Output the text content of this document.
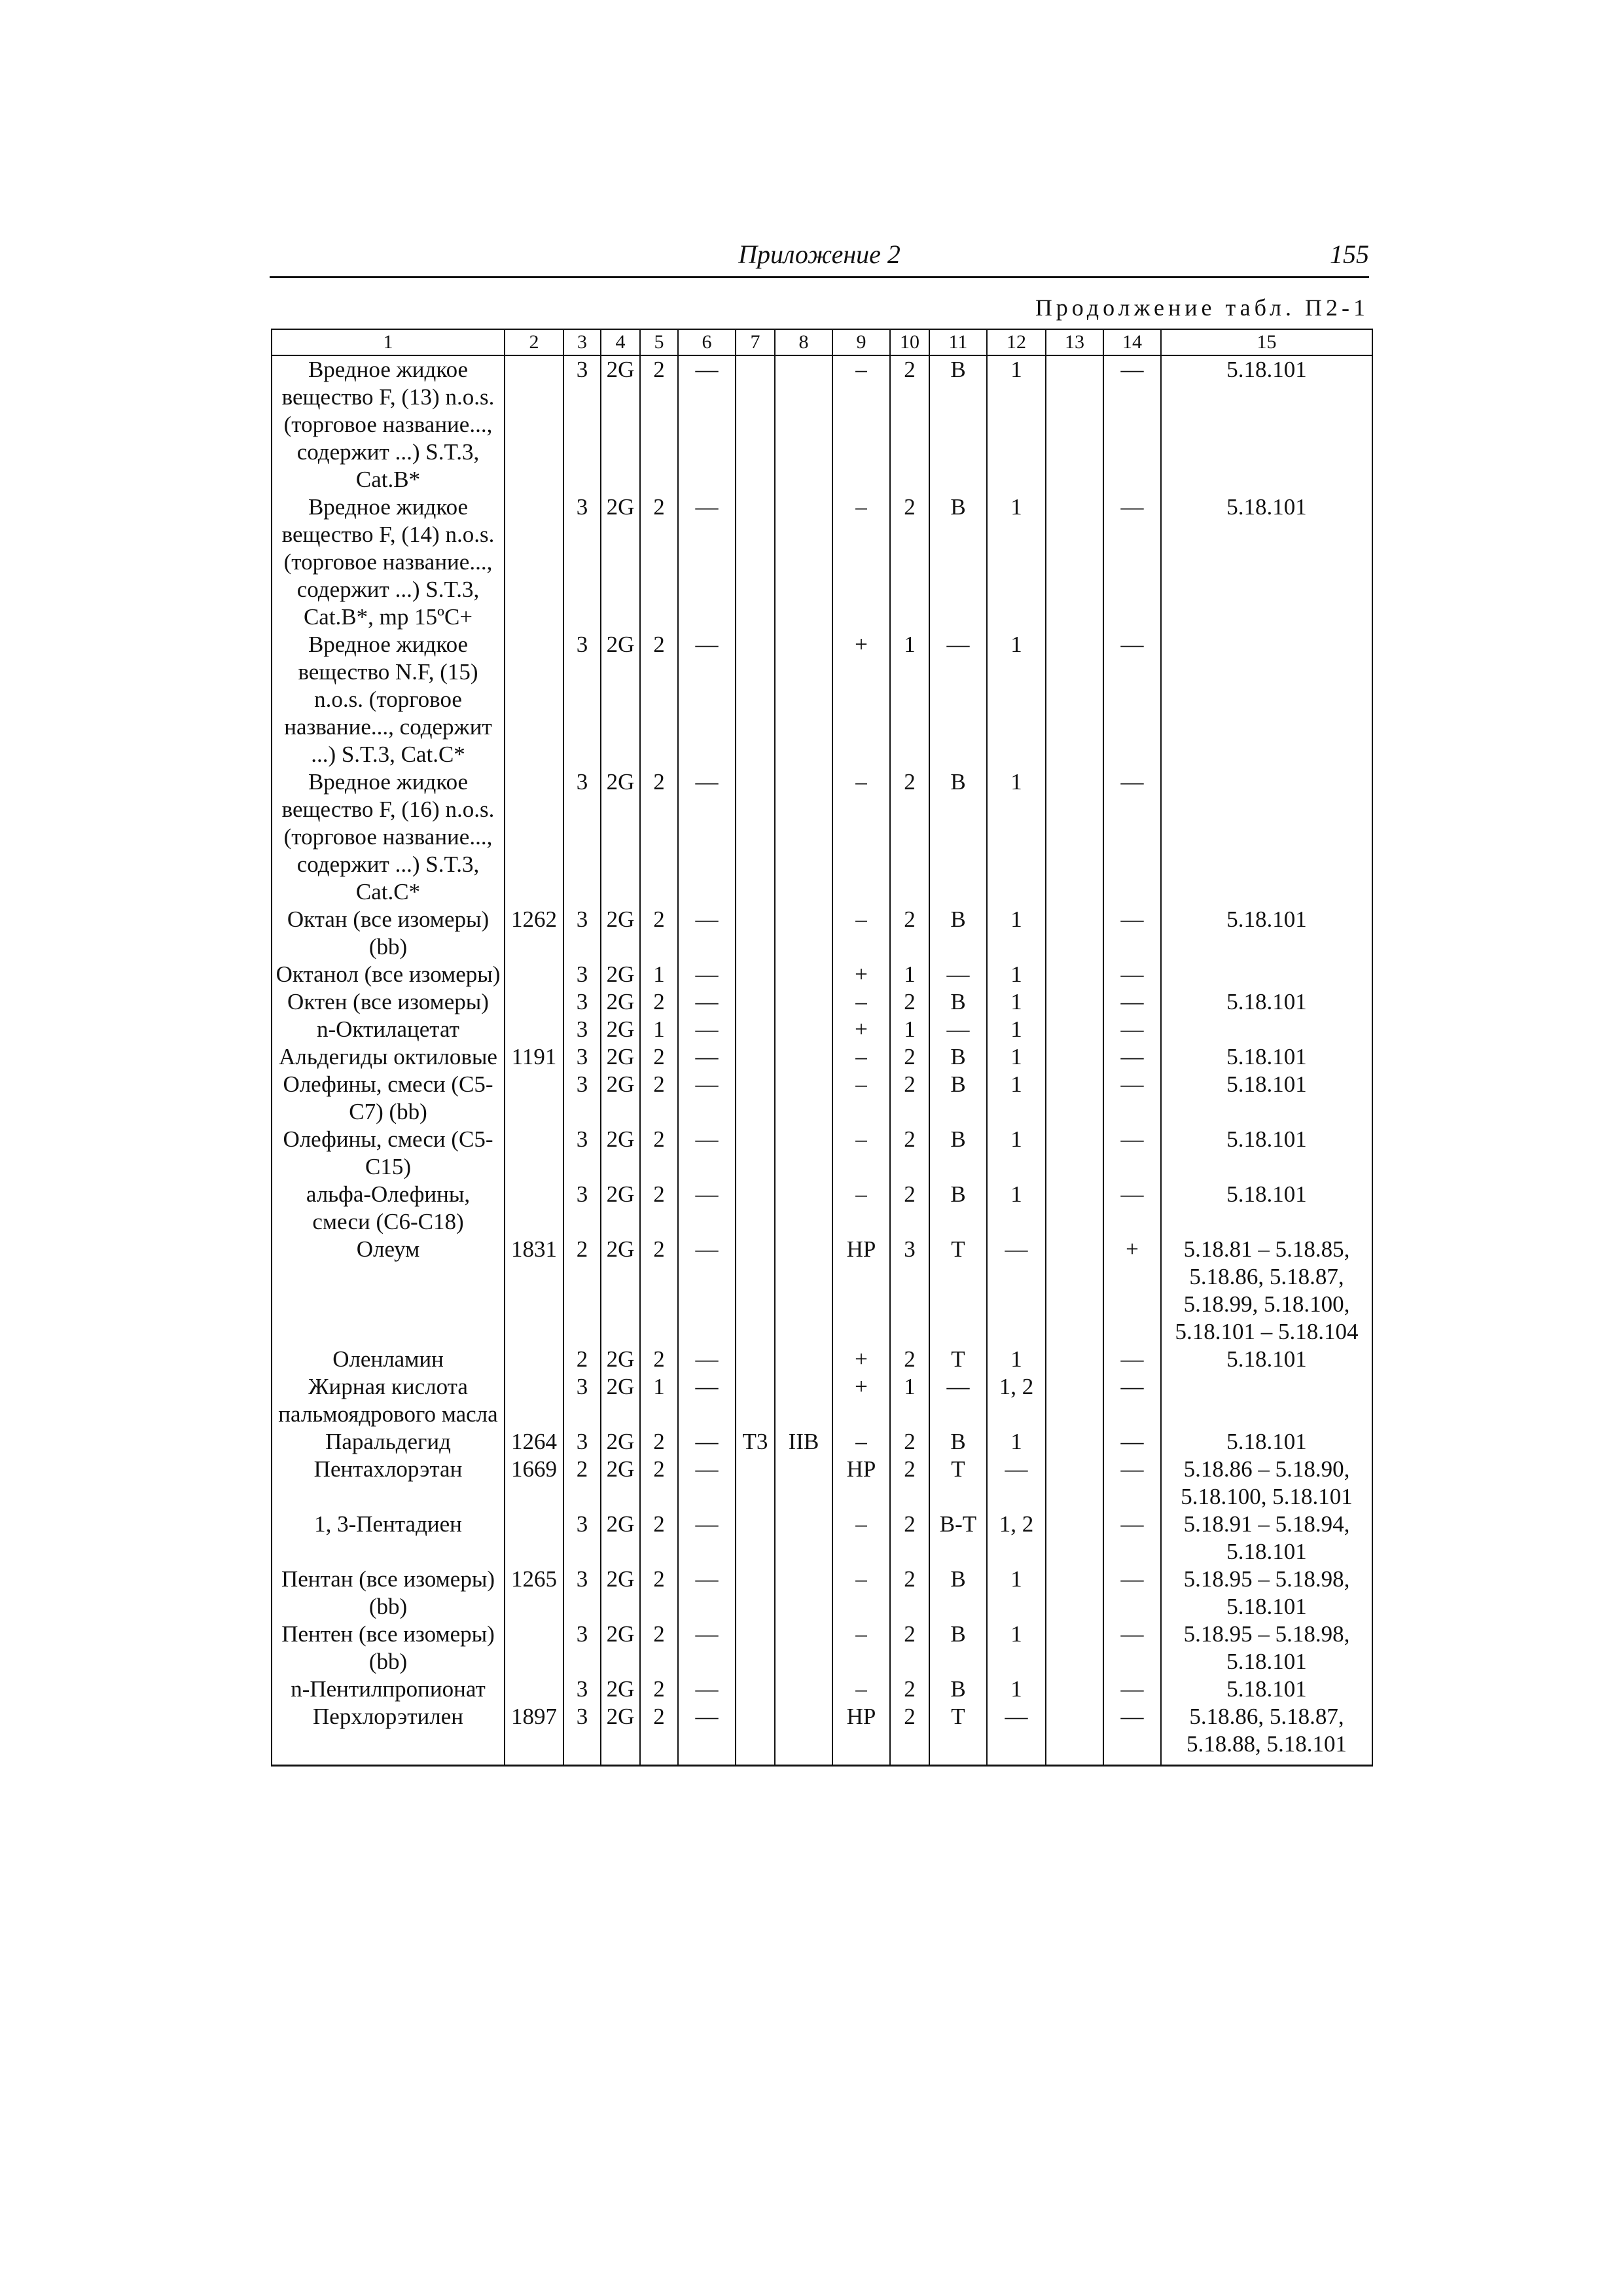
Приложение 2	155
Продолжение табл. П2-1
1	2	3	4	5	6	7	8	9	10	11	12	13	14	15
Вредное жидкое вещество F, (13) n.o.s. (торговое название..., содержит ...) S.T.3, Cat.B*		3	2G	2	—			–	2	B	1		—	5.18.101
Вредное жидкое вещество F, (14) n.o.s. (торговое название..., содержит ...) S.T.3, Cat.B*, mp 15ºC+		3	2G	2	—			–	2	B	1		—	5.18.101
Вредное жидкое вещество N.F, (15) n.o.s. (торговое название..., содержит ...) S.T.3, Cat.C*		3	2G	2	—			+	1	—	1		—	
Вредное жидкое вещество F, (16) n.o.s. (торговое название..., содержит ...) S.T.3, Cat.C*		3	2G	2	—			–	2	B	1		—	
Октан (все изомеры) (bb)	1262	3	2G	2	—			–	2	B	1		—	5.18.101
Октанол (все изомеры)		3	2G	1	—			+	1	—	1		—	
Октен (все изомеры)		3	2G	2	—			–	2	B	1		—	5.18.101
n-Октилацетат		3	2G	1	—			+	1	—	1		—	
Альдегиды октиловые	1191	3	2G	2	—			–	2	B	1		—	5.18.101
Олефины, смеси (C5-C7) (bb)		3	2G	2	—			–	2	B	1		—	5.18.101
Олефины, смеси (C5-C15)		3	2G	2	—			–	2	B	1		—	5.18.101
альфа-Олефины, смеси (C6-C18)		3	2G	2	—			–	2	B	1		—	5.18.101
Олеум	1831	2	2G	2	—			НР	3	T	—		+	5.18.81 – 5.18.85, 5.18.86, 5.18.87, 5.18.99, 5.18.100, 5.18.101 – 5.18.104
Оленламин		2	2G	2	—			+	2	T	1		—	5.18.101
Жирная кислота пальмоядрового масла		3	2G	1	—			+	1	—	1, 2		—	
Паральдегид	1264	3	2G	2	—	T3	IIB	–	2	B	1		—	5.18.101
Пентахлорэтан	1669	2	2G	2	—			НР	2	T	—		—	5.18.86 – 5.18.90, 5.18.100, 5.18.101
1, 3-Пентадиен		3	2G	2	—			–	2	B-T	1, 2		—	5.18.91 – 5.18.94, 5.18.101
Пентан (все изомеры) (bb)	1265	3	2G	2	—			–	2	B	1		—	5.18.95 – 5.18.98, 5.18.101
Пентен (все изомеры) (bb)		3	2G	2	—			–	2	B	1		—	5.18.95 – 5.18.98, 5.18.101
n-Пентилпропионат		3	2G	2	—			–	2	B	1		—	5.18.101
Перхлорэтилен	1897	3	2G	2	—			НР	2	T	—		—	5.18.86, 5.18.87, 5.18.88, 5.18.101
